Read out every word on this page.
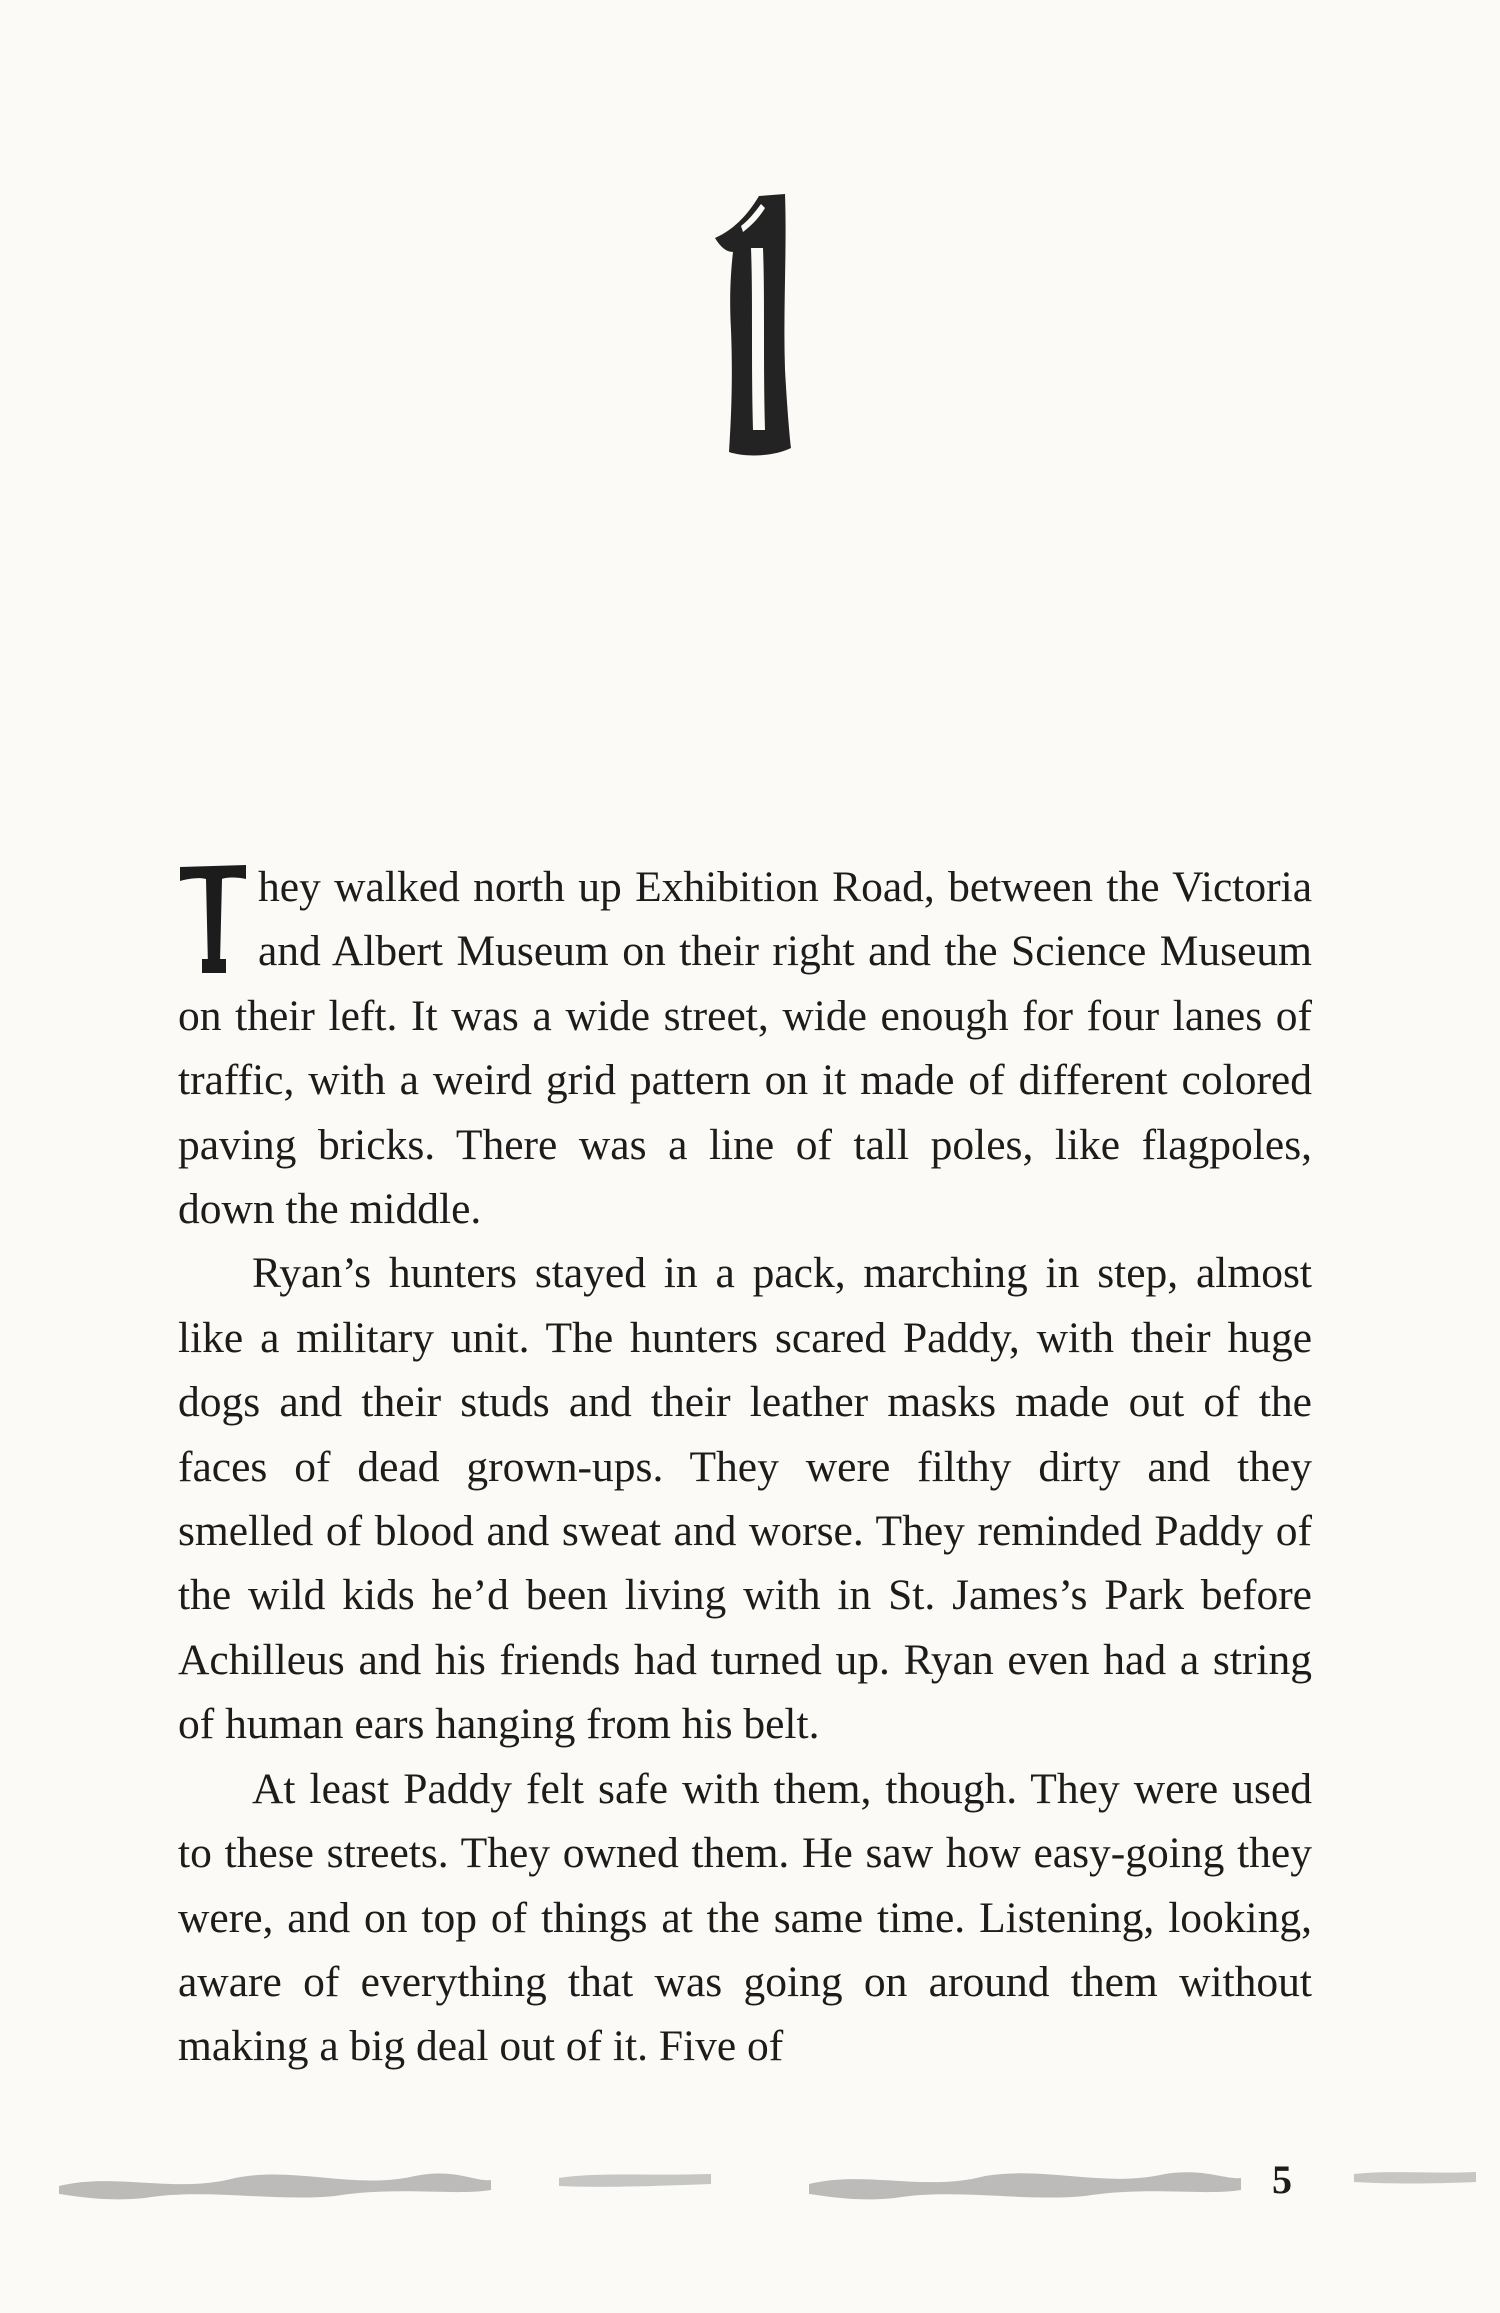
hey walked north up Exhibition Road, between the Victoria and Albert Museum on their right and the Science Museum on their left. It was a wide street, wide enough for four lanes of traffic, with a weird grid pattern on it made of different colored paving bricks. There was a line of tall poles, like flagpoles, down the middle.

Ryan’s hunters stayed in a pack, marching in step, almost like a military unit. The hunters scared Paddy, with their huge dogs and their studs and their leather masks made out of the faces of dead grown-ups. They were filthy dirty and they smelled of blood and sweat and worse. They reminded Paddy of the wild kids he’d been living with in St. James’s Park before Achilleus and his friends had turned up. Ryan even had a string of human ears hanging from his belt.

At least Paddy felt safe with them, though. They were used to these streets. They owned them. He saw how easy-going they were, and on top of things at the same time. Listening, looking, aware of everything that was going on around them without making a big deal out of it. Five of

5
